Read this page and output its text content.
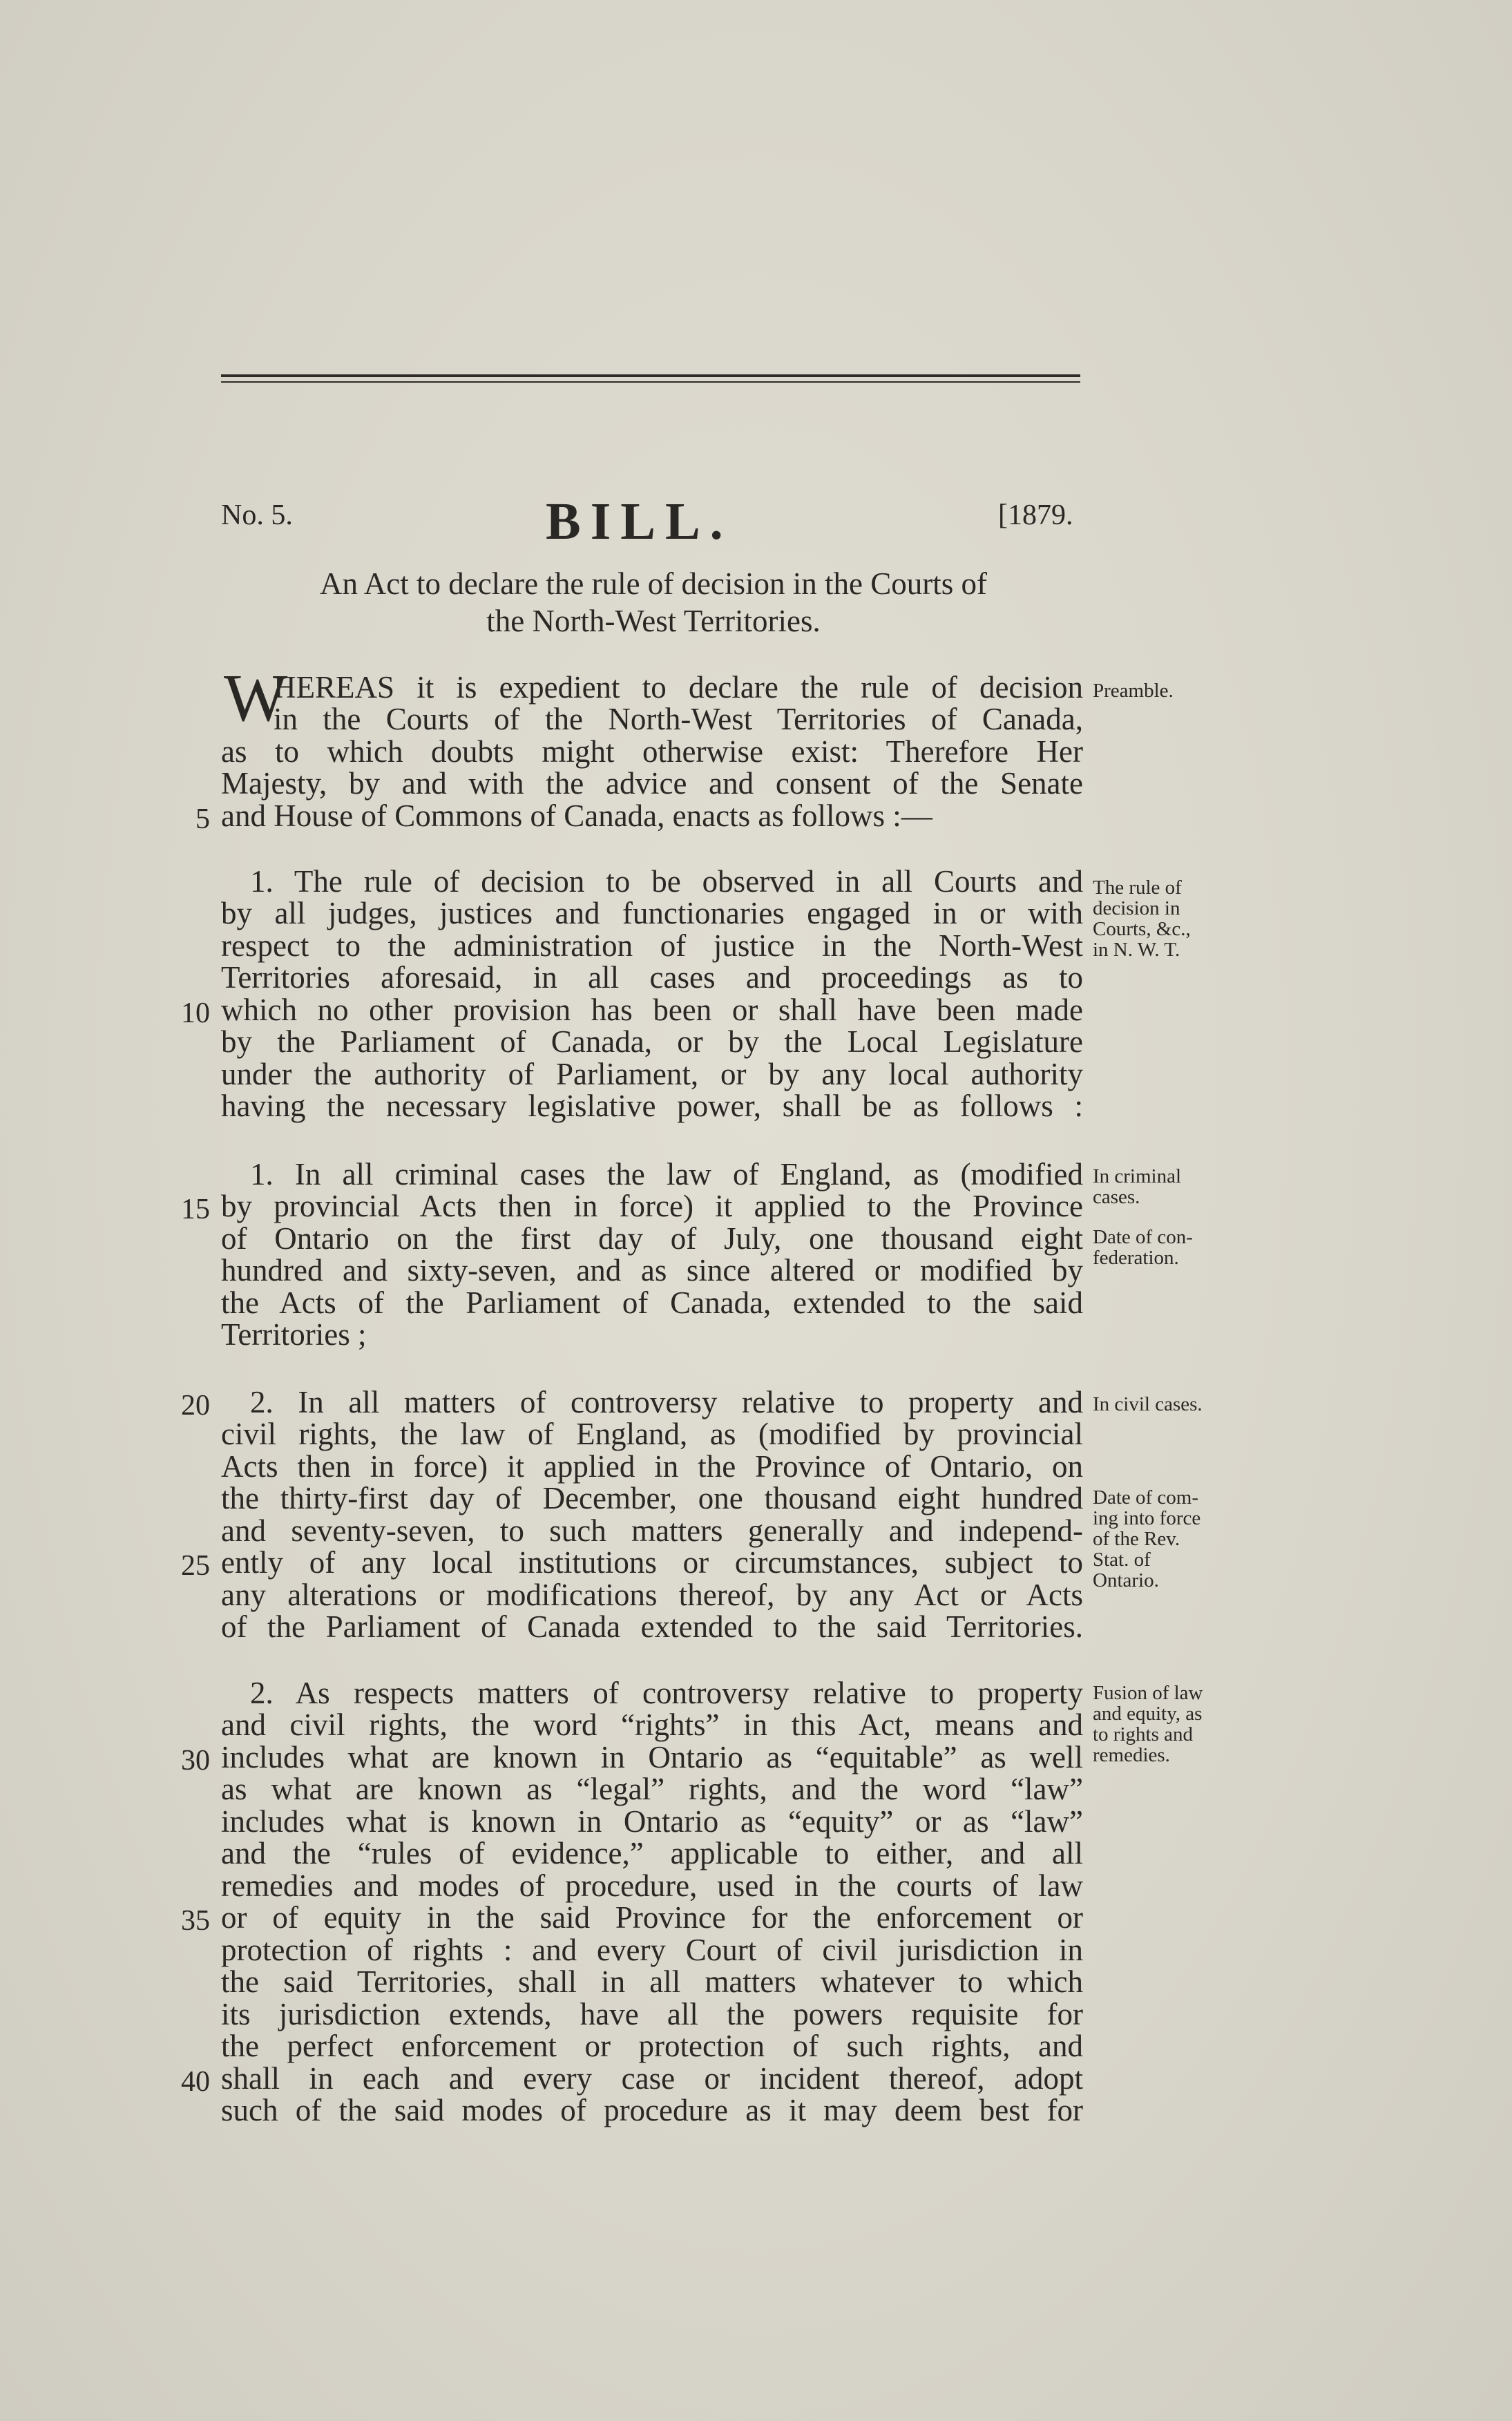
No. 5.	BILL.	[1879.
An Act to declare the rule of decision in the Courts of
the North-West Territories.
W
HEREAS it is expedient to declare the rule of decision
in the Courts of the North-West Territories of Canada,
as to which doubts might otherwise exist: Therefore Her
Majesty, by and with the advice and consent of the Senate
and House of Commons of Canada, enacts as follows :—
1. The rule of decision to be observed in all Courts and
by all judges, justices and functionaries engaged in or with
respect to the administration of justice in the North-West
Territories aforesaid, in all cases and proceedings as to
which no other provision has been or shall have been made
by the Parliament of Canada, or by the Local Legislature
under the authority of Parliament, or by any local authority
having the necessary legislative power, shall be as follows :
1. In all criminal cases the law of England, as (modified
by provincial Acts then in force) it applied to the Province
of Ontario on the first day of July, one thousand eight
hundred and sixty-seven, and as since altered or modified by
the Acts of the Parliament of Canada, extended to the said
Territories ;
2. In all matters of controversy relative to property and
civil rights, the law of England, as (modified by provincial
Acts then in force) it applied in the Province of Ontario, on
the thirty-first day of December, one thousand eight hundred
and seventy-seven, to such matters generally and independ-
ently of any local institutions or circumstances, subject to
any alterations or modifications thereof, by any Act or Acts
of the Parliament of Canada extended to the said Territories.
2. As respects matters of controversy relative to property
and civil rights, the word “rights” in this Act, means and
includes what are known in Ontario as “equitable” as well
as what are known as “legal” rights, and the word “law”
includes what is known in Ontario as “equity” or as “law”
and the “rules of evidence,” applicable to either, and all
remedies and modes of procedure, used in the courts of law
or of equity in the said Province for the enforcement or
protection of rights : and every Court of civil jurisdiction in
the said Territories, shall in all matters whatever to which
its jurisdiction extends, have all the powers requisite for
the perfect enforcement or protection of such rights, and
shall in each and every case or incident thereof, adopt
such of the said modes of procedure as it may deem best for
5
10
15
20
25
30
35
40
Preamble.
The rule of
decision in
Courts, &c.,
in N. W. T.
In criminal
cases.
Date of con-
federation.
In civil cases.
Date of com-
ing into force
of the Rev.
Stat. of
Ontario.
Fusion of law
and equity, as
to rights and
remedies.
